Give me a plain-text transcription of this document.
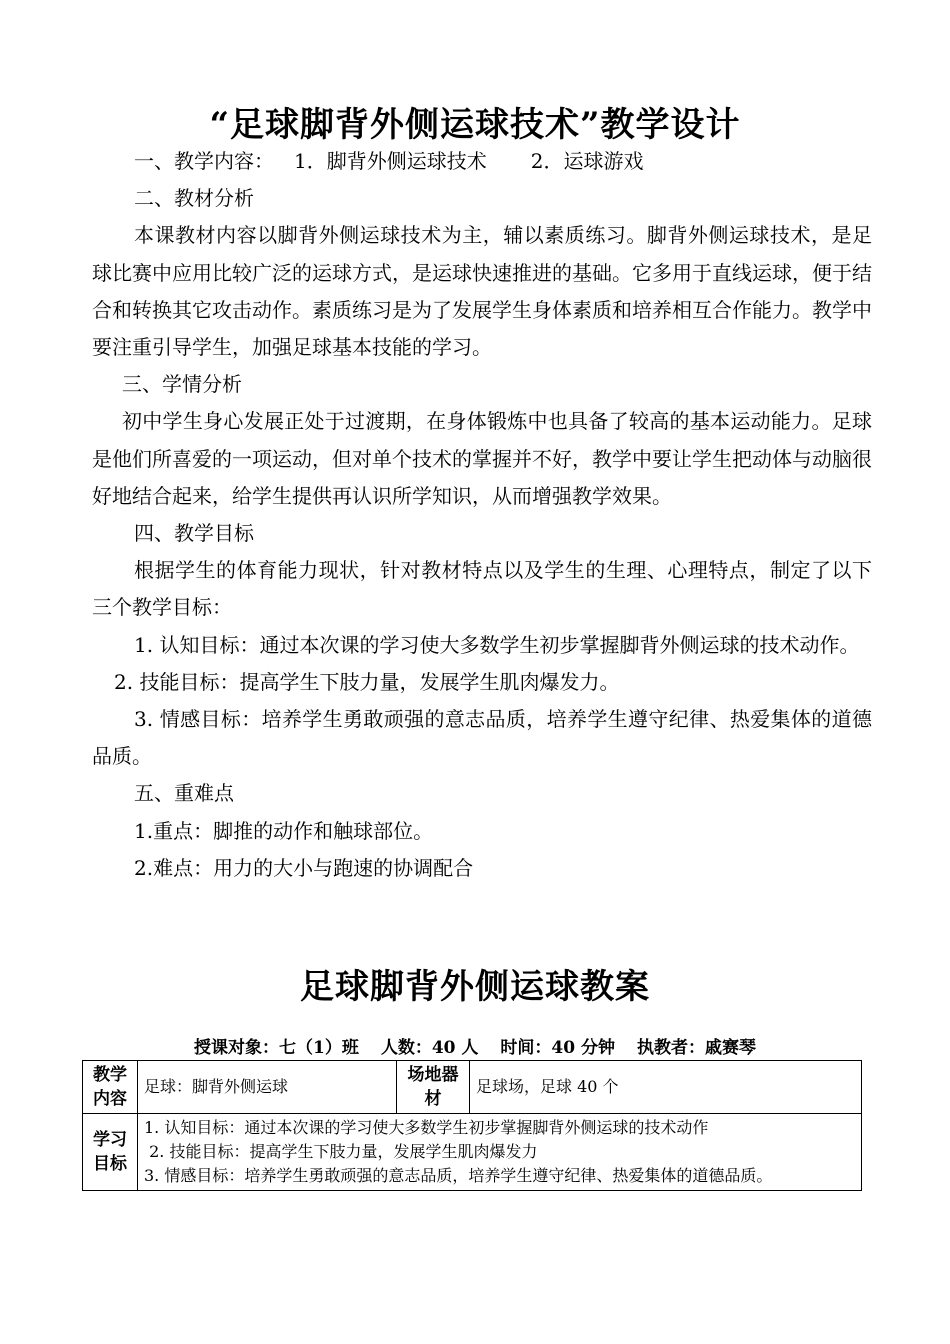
“足球脚背外侧运球技术”教学设计

一、教学内容： 1．脚背外侧运球技术 2．运球游戏

二、教材分析

本课教材内容以脚背外侧运球技术为主，辅以素质练习。脚背外侧运球技术，是足球比赛中应用比较广泛的运球方式，是运球快速推进的基础。它多用于直线运球，便于结合和转换其它攻击动作。素质练习是为了发展学生身体素质和培养相互合作能力。教学中要注重引导学生，加强足球基本技能的学习。

三、学情分析

初中学生身心发展正处于过渡期，在身体锻炼中也具备了较高的基本运动能力。足球是他们所喜爱的一项运动，但对单个技术的掌握并不好，教学中要让学生把动体与动脑很好地结合起来，给学生提供再认识所学知识，从而增强教学效果。

四、教学目标

根据学生的体育能力现状，针对教材特点以及学生的生理、心理特点，制定了以下三个教学目标：

1. 认知目标：通过本次课的学习使大多数学生初步掌握脚背外侧运球的技术动作。

2. 技能目标：提高学生下肢力量，发展学生肌肉爆发力。

3. 情感目标：培养学生勇敢顽强的意志品质，培养学生遵守纪律、热爱集体的道德品质。

五、重难点

1.重点：脚推的动作和触球部位。

2.难点：用力的大小与跑速的协调配合

足球脚背外侧运球教案
授课对象：七（1）班 人数：40 人 时间：40 分钟 执教者：戚赛琴
教学内容	足球：脚背外侧运球	场地器材	足球场，足球 40 个
学习目标	1. 认知目标：通过本次课的学习使大多数学生初步掌握脚背外侧运球的技术动作
2. 技能目标：提高学生下肢力量，发展学生肌肉爆发力
3. 情感目标：培养学生勇敢顽强的意志品质，培养学生遵守纪律、热爱集体的道德品质。		
